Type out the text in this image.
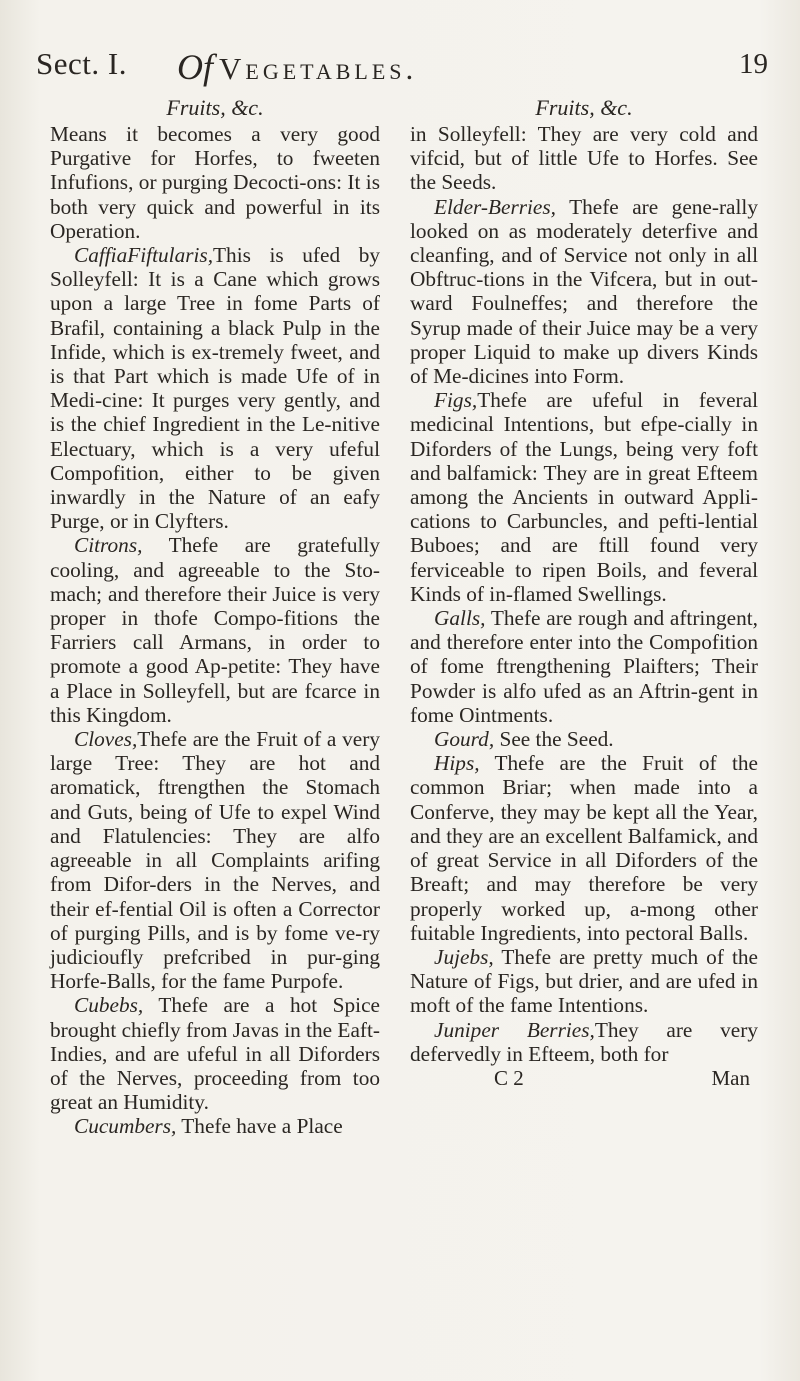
Sect. I. Of Vegetables.	19
Fruits, &c.

Means it becomes a very good Purgative for Horfes, to fweeten Infufions, or purging Decocti-ons: It is both very quick and powerful in its Operation.

CaffiaFiftularis,This is ufed by Solleyfell: It is a Cane which grows upon a large Tree in fome Parts of Brafil, containing a black Pulp in the Infide, which is ex-tremely fweet, and is that Part which is made Ufe of in Medi-cine: It purges very gently, and is the chief Ingredient in the Le-nitive Electuary, which is a very ufeful Compofition, either to be given inwardly in the Nature of an eafy Purge, or in Clyfters.

Citrons, Thefe are gratefully cooling, and agreeable to the Sto-mach; and therefore their Juice is very proper in thofe Compo-fitions the Farriers call Armans, in order to promote a good Ap-petite: They have a Place in Solleyfell, but are fcarce in this Kingdom.

Cloves,Thefe are the Fruit of a very large Tree: They are hot and aromatick, ftrengthen the Stomach and Guts, being of Ufe to expel Wind and Flatulencies: They are alfo agreeable in all Complaints arifing from Difor-ders in the Nerves, and their ef-fential Oil is often a Corrector of purging Pills, and is by fome ve-ry judicioufly prefcribed in pur-ging Horfe-Balls, for the fame Purpofe.

Cubebs, Thefe are a hot Spice brought chiefly from Javas in the Eaft-Indies, and are ufeful in all Diforders of the Nerves, proceeding from too great an Humidity.

Cucumbers, Thefe have a Place

Fruits, &c.

in Solleyfell: They are very cold and vifcid, but of little Ufe to Horfes. See the Seeds.

Elder-Berries, Thefe are gene-rally looked on as moderately deterfive and cleanfing, and of Service not only in all Obftruc-tions in the Vifcera, but in out-ward Foulneffes; and therefore the Syrup made of their Juice may be a very proper Liquid to make up divers Kinds of Me-dicines into Form.

Figs,Thefe are ufeful in feveral medicinal Intentions, but efpe-cially in Diforders of the Lungs, being very foft and balfamick: They are in great Efteem among the Ancients in outward Appli-cations to Carbuncles, and pefti-lential Buboes; and are ftill found very ferviceable to ripen Boils, and feveral Kinds of in-flamed Swellings.

Galls, Thefe are rough and aftringent, and therefore enter into the Compofition of fome ftrengthening Plaifters; Their Powder is alfo ufed as an Aftrin-gent in fome Ointments.

Gourd, See the Seed.

Hips, Thefe are the Fruit of the common Briar; when made into a Conferve, they may be kept all the Year, and they are an excellent Balfamick, and of great Service in all Diforders of the Breaft; and may therefore be very properly worked up, a-mong other fuitable Ingredients, into pectoral Balls.

Jujebs, Thefe are pretty much of the Nature of Figs, but drier, and are ufed in moft of the fame Intentions.

Juniper Berries,They are very defervedly in Efteem, both for

C 2	Man
